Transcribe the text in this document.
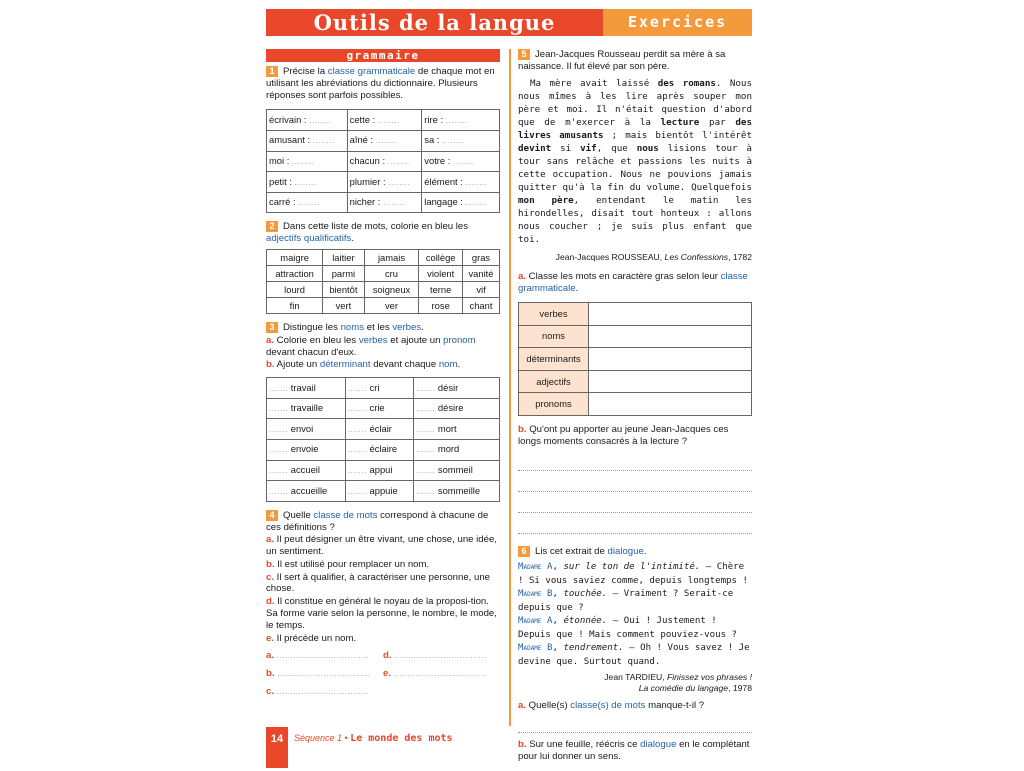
Outils de la langue	Exercices
grammaire

1 Précise la classe grammaticale de chaque mot en utilisant les abréviations du dictionnaire. Plusieurs réponses sont parfois possibles.

écrivain : ........	cette : ........	rire : ........
amusant : ........	aîné : ........	sa : ........
moi : ........	chacun : ........	votre : ........
petit : ........	plumier : ........	élément : ........
carré : ........	nicher : ........	langage : ........

2 Dans cette liste de mots, colorie en bleu les adjectifs qualificatifs.

maigre	laitier	jamais	collège	gras
attraction	parmi	cru	violent	vanité
lourd	bientôt	soigneux	terne	vif
fin	vert	ver	rose	chant

3 Distingue les noms et les verbes.

a. Colorie en bleu les verbes et ajoute un pronom devant chacun d'eux.

b. Ajoute un déterminant devant chaque nom.

....... travail	....... cri	....... désir
....... travaille	....... crie	....... désire
....... envoi	....... éclair	....... mort
....... envoie	....... éclaire	....... mord
....... accueil	....... appui	....... sommeil
....... accueille	....... appuie	....... sommeille

4 Quelle classe de mots correspond à chacune de ces définitions ?

a. Il peut désigner un être vivant, une chose, une idée, un sentiment.

b. Il est utilisé pour remplacer un nom.

c. Il sert à qualifier, à caractériser une personne, une chose.

d. Il constitue en général le noyau de la proposi-tion. Sa forme varie selon la personne, le nombre, le mode, le temps.

e. Il précède un nom.

a. ..................................	d. ..................................
b. ..................................	e. ..................................
c. ..................................

5 Jean-Jacques Rousseau perdit sa mère à sa naissance. Il fut élevé par son père.

Ma mère avait laissé des romans. Nous nous mîmes à les lire après souper mon père et moi. Il n'était question d'abord que de m'exercer à la lecture par des livres amusants ; mais bientôt l'intérêt devint si vif, que nous lisions tour à tour sans relâche et passions les nuits à cette occupation. Nous ne pouvions jamais quitter qu'à la fin du volume. Quelquefois mon père, entendant le matin les hirondelles, disait tout honteux : allons nous coucher ; je suis plus enfant que toi.

Jean-Jacques ROUSSEAU, Les Confessions, 1782

a. Classe les mots en caractère gras selon leur classe grammaticale.

verbes	
noms	
déterminants	
adjectifs	
pronoms	

b. Qu'ont pu apporter au jeune Jean-Jacques ces longs moments consacrés à la lecture ?

6 Lis cet extrait de dialogue.

Madame A, sur le ton de l'intimité. — Chère ! Si vous saviez comme, depuis longtemps !

Madame B, touchée. — Vraiment ? Serait-ce depuis que ?

Madame A, étonnée. — Oui ! Justement ! Depuis que ! Mais comment pouviez-vous ?

Madame B, tendrement. — Oh ! Vous savez ! Je devine que. Surtout quand.

Jean TARDIEU, Finissez vos phrases !
La comédie du langage, 1978

a. Quelle(s) classe(s) de mots manque-t-il ?

b. Sur une feuille, réécris ce dialogue en le complétant pour lui donner un sens.

14	Séquence 1 • Le monde des mots
